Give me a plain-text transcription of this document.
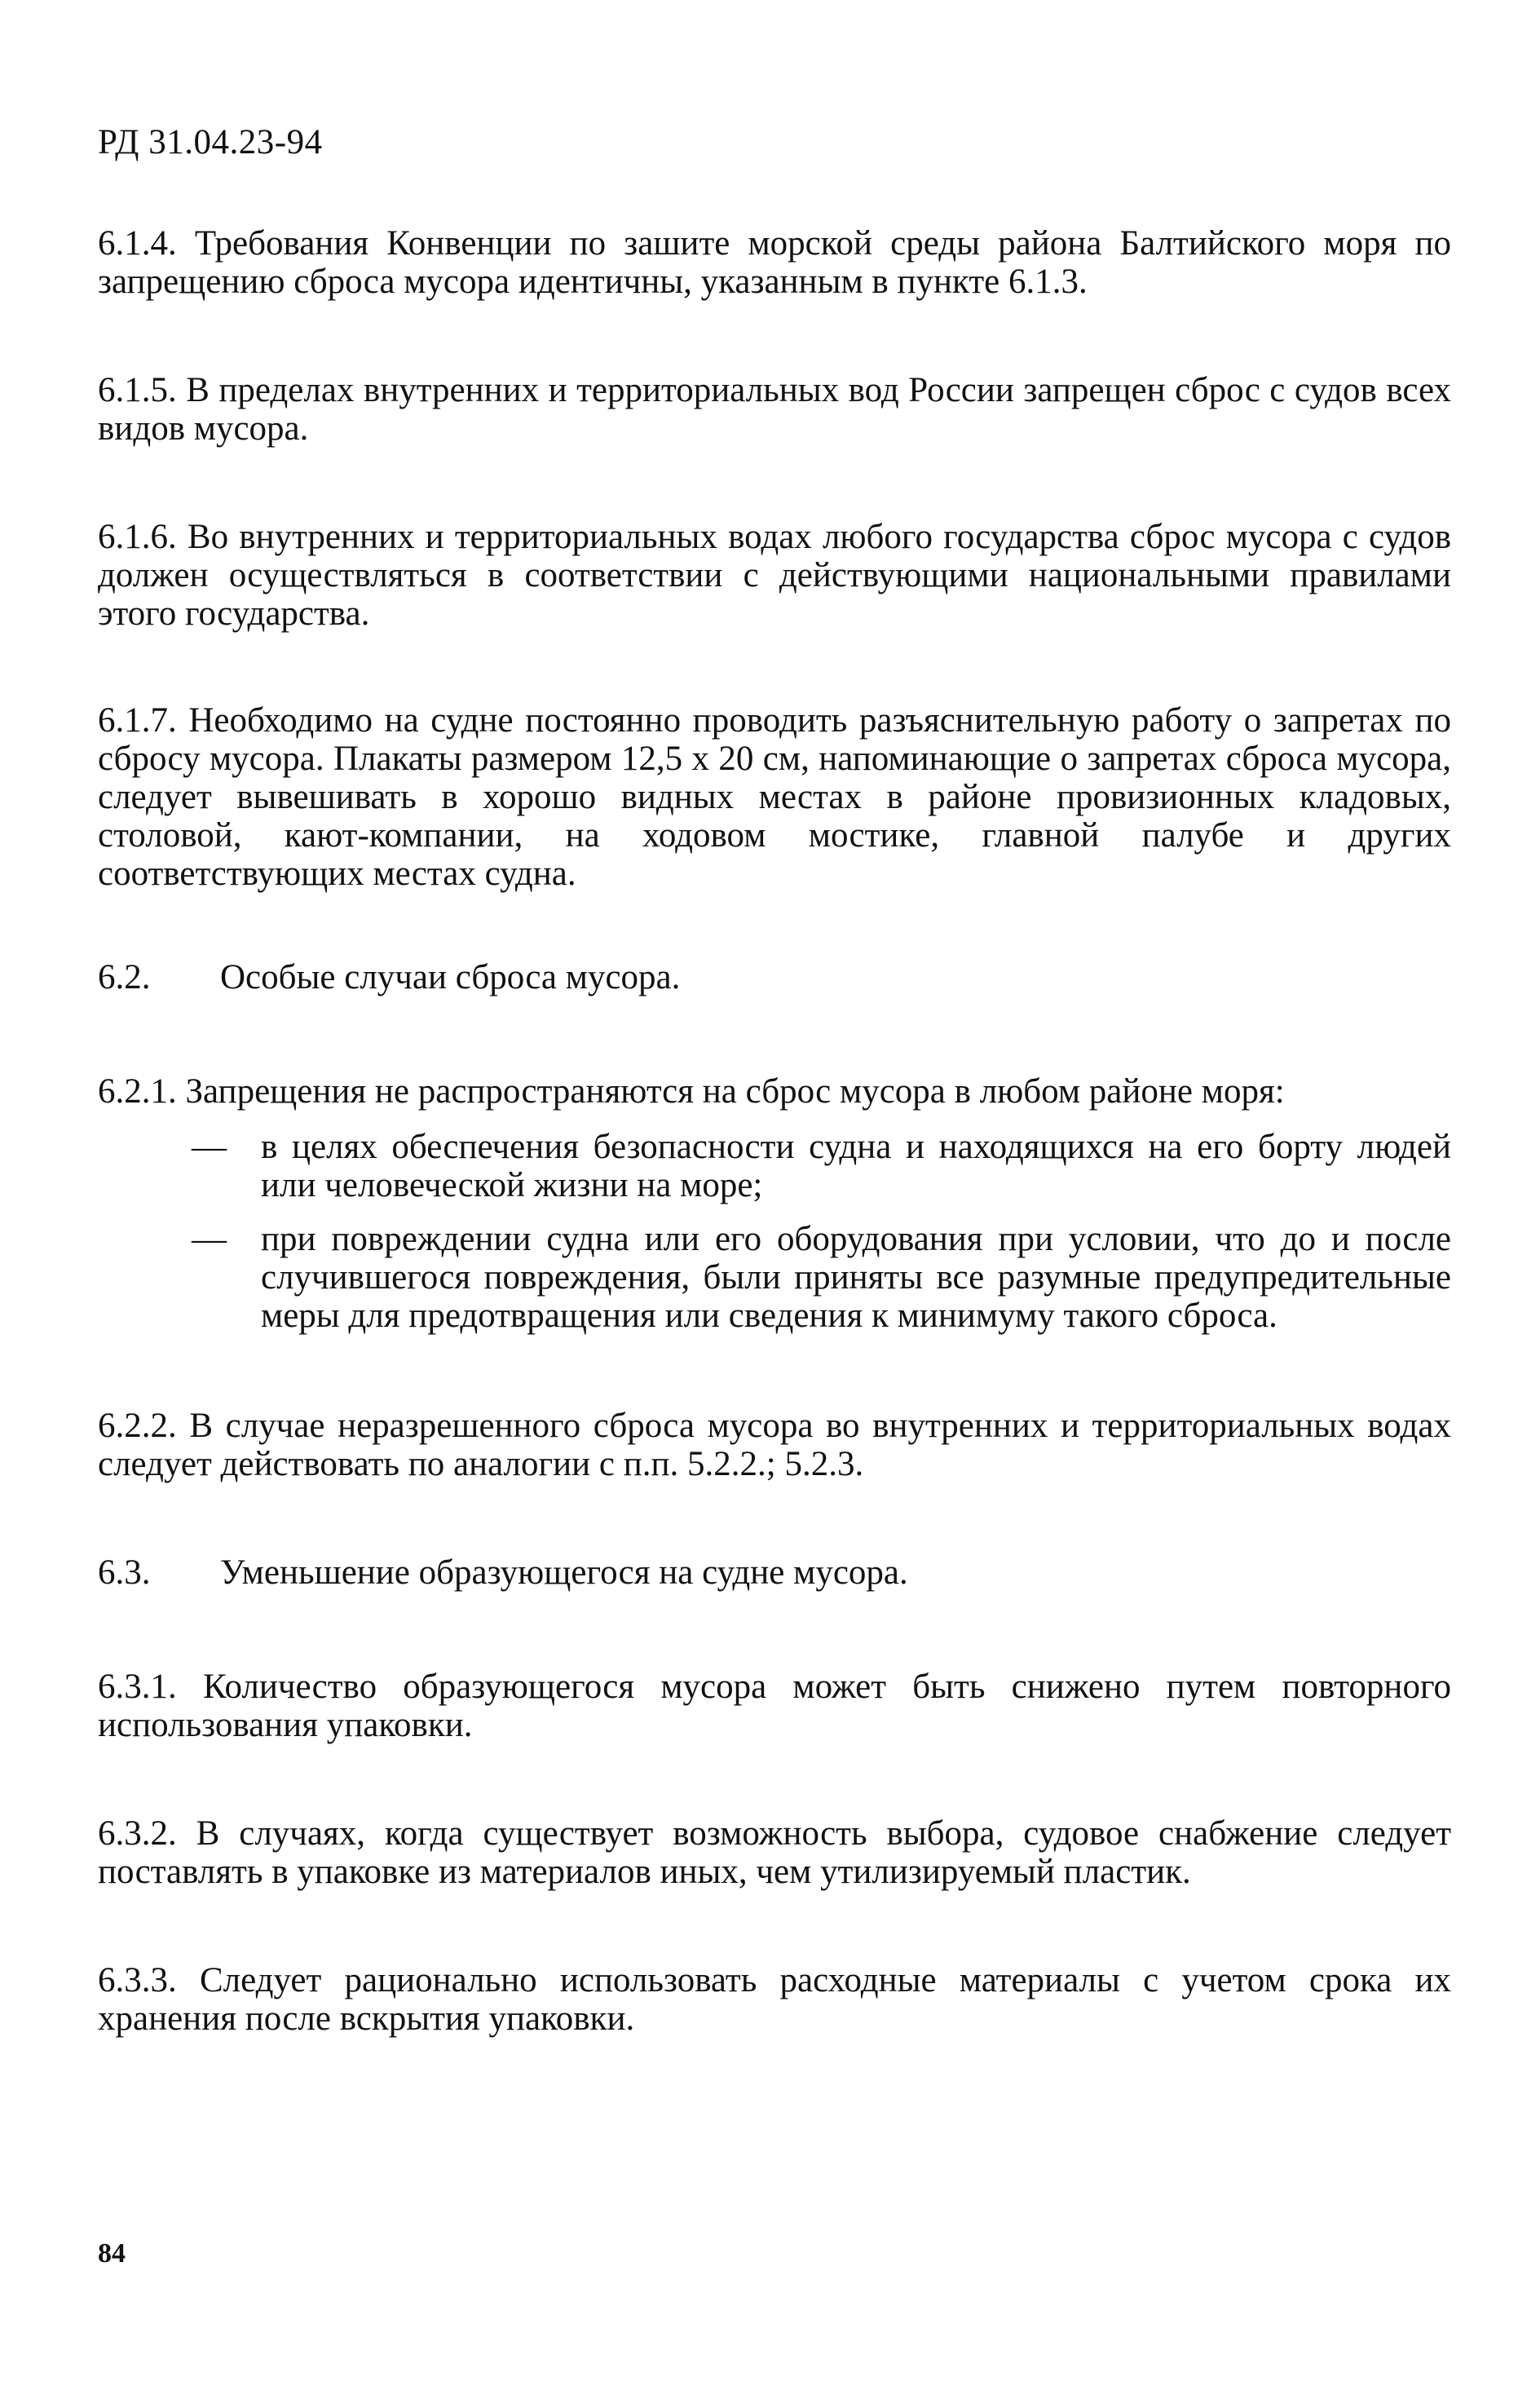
РД 31.04.23-94
6.1.4. Требования Конвенции по зашите морской среды района Балтийского моря по запрещению сброса мусора идентичны, указанным в пункте 6.1.3.
6.1.5. В пределах внутренних и территориальных вод России запрещен сброс с судов всех видов мусора.
6.1.6. Во внутренних и территориальных водах любого государства сброс мусора с судов должен осуществляться в соответствии с действующими национальными правилами этого государства.
6.1.7. Необходимо на судне постоянно проводить разъяснительную работу о запретах по сбросу мусора. Плакаты размером 12,5 х 20 см, напоминающие о запретах сброса мусора, следует вывешивать в хорошо видных местах в районе провизионных кладовых, столовой, кают-компании, на ходовом мостике, главной палубе и других соответствующих местах судна.
6.2. Особые случаи сброса мусора.
6.2.1. Запрещения не распространяются на сброс мусора в любом районе моря:
— в целях обеспечения безопасности судна и находящихся на его борту людей или человеческой жизни на море;
— при повреждении судна или его оборудования при условии, что до и после случившегося повреждения, были приняты все разумные предупредительные меры для предотвращения или сведения к минимуму такого сброса.
6.2.2. В случае неразрешенного сброса мусора во внутренних и территориальных водах следует действовать по аналогии с п.п. 5.2.2.; 5.2.3.
6.3. Уменьшение образующегося на судне мусора.
6.3.1. Количество образующегося мусора может быть снижено путем повторного использования упаковки.
6.3.2. В случаях, когда существует возможность выбора, судовое снабжение следует поставлять в упаковке из материалов иных, чем утилизируемый пластик.
6.3.3. Следует рационально использовать расходные материалы с учетом срока их хранения после вскрытия упаковки.
84
